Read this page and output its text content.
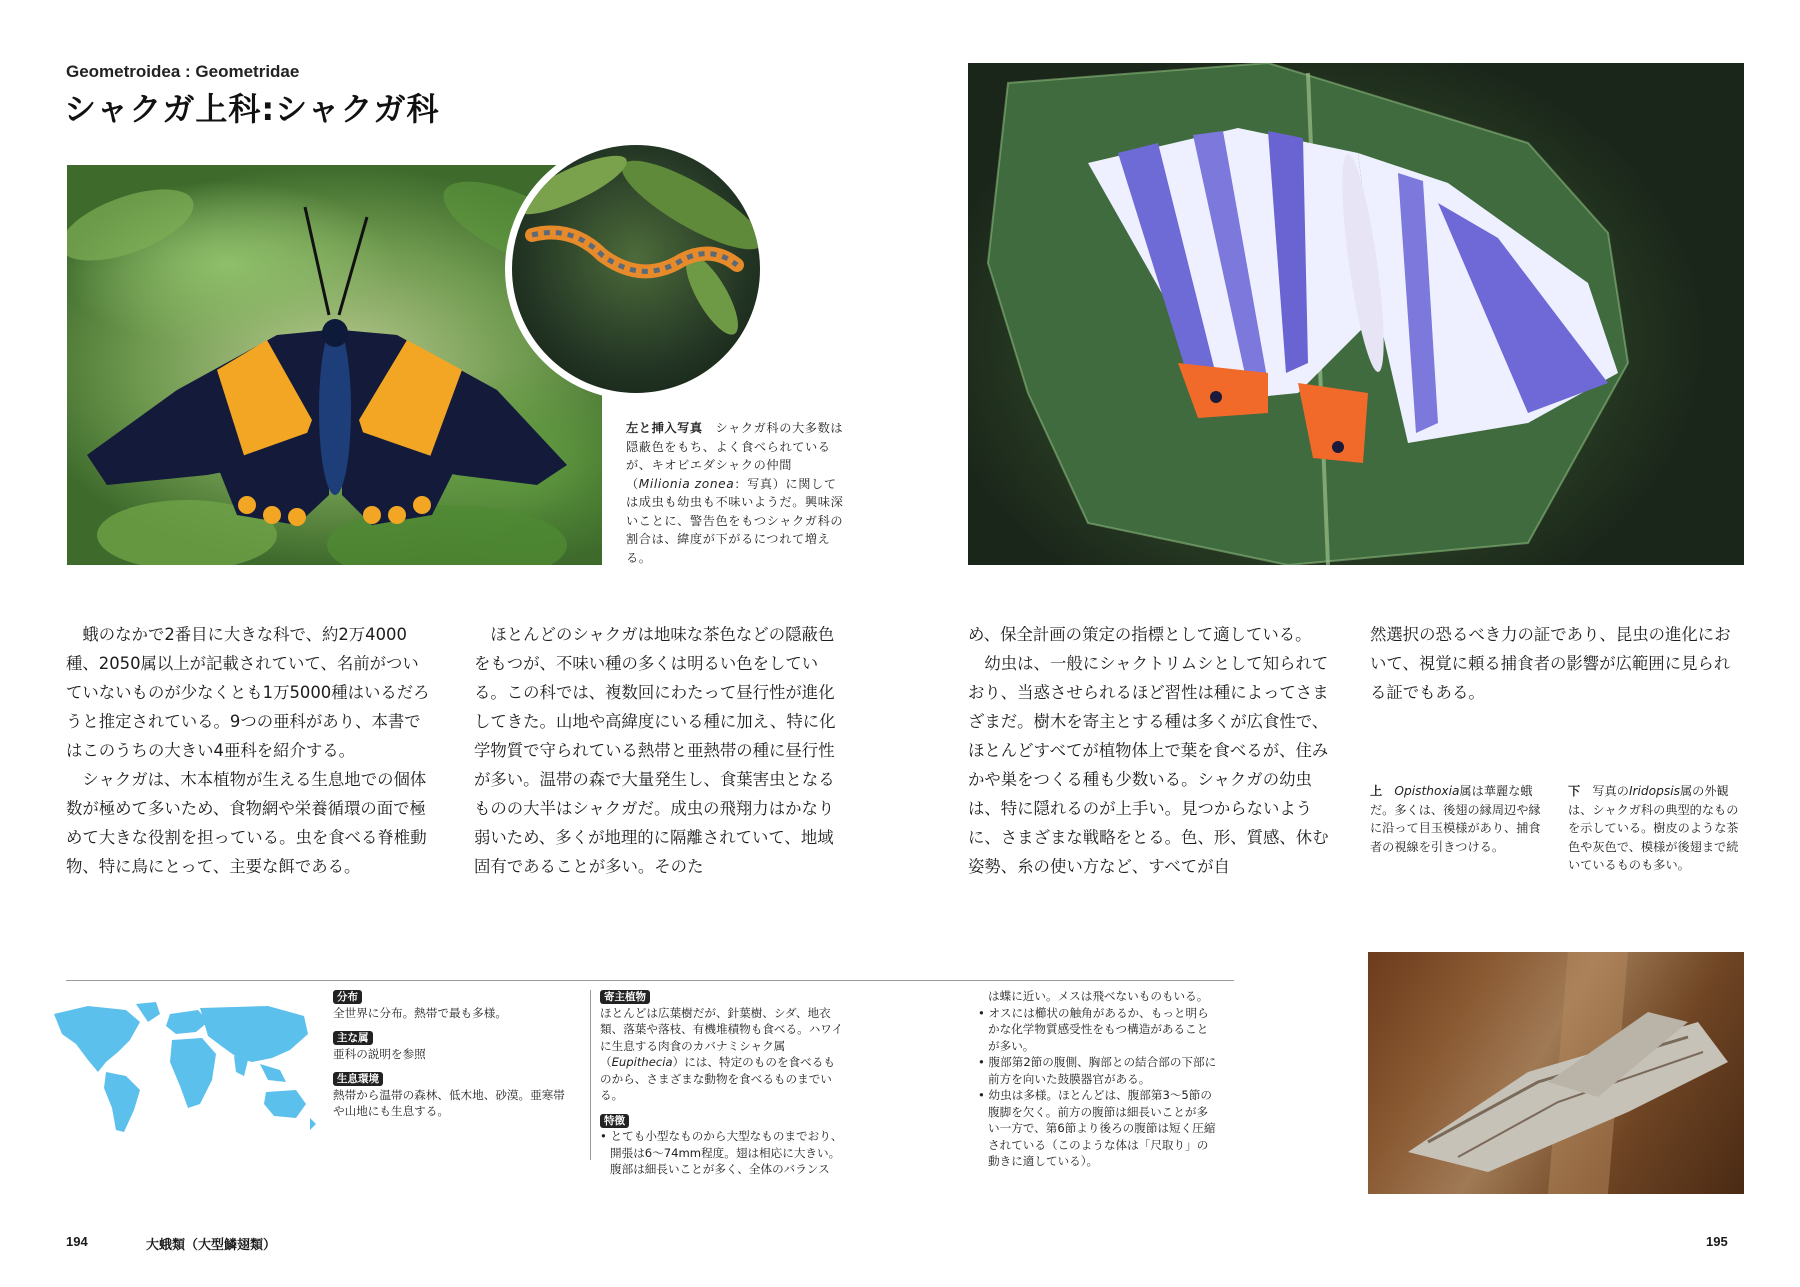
Geometroidea : Geometridae
シャクガ上科:シャクガ科
左と挿入写真　 シャクガ科の大多数は隠蔽色をもち、よく食べられているが、キオビエダシャクの仲間（Milionia zonea：写真）に関しては成虫も幼虫も不味いようだ。興味深いことに、警告色をもつシャクガ科の割合は、緯度が下がるにつれて増える。

蛾のなかで2番目に大きな科で、約2万4000種、2050属以上が記載されていて、名前がついていないものが少なくとも1万5000種はいるだろうと推定されている。9つの亜科があり、本書ではこのうちの大きい4亜科を紹介する。

シャクガは、木本植物が生える生息地での個体数が極めて多いため、食物網や栄養循環の面で極めて大きな役割を担っている。虫を食べる脊椎動物、特に鳥にとって、主要な餌である。

ほとんどのシャクガは地味な茶色などの隠蔽色をもつが、不味い種の多くは明るい色をしている。この科では、複数回にわたって昼行性が進化してきた。山地や高緯度にいる種に加え、特に化学物質で守られている熱帯と亜熱帯の種に昼行性が多い。温帯の森で大量発生し、食葉害虫となるものの大半はシャクガだ。成虫の飛翔力はかなり弱いため、多くが地理的に隔離されていて、地域固有であることが多い。そのた

め、保全計画の策定の指標として適している。

幼虫は、一般にシャクトリムシとして知られており、当惑させられるほど習性は種によってさまざまだ。樹木を寄主とする種は多くが広食性で、ほとんどすべてが植物体上で葉を食べるが、住みかや巣をつくる種も少数いる。シャクガの幼虫は、特に隠れるのが上手い。見つからないように、さまざまな戦略をとる。色、形、質感、休む姿勢、糸の使い方など、すべてが自

然選択の恐るべき力の証であり、昆虫の進化において、視覚に頼る捕食者の影響が広範囲に見られる証でもある。

上　 Opisthoxia属は華麗な蛾だ。多くは、後翅の縁周辺や縁に沿って目玉模様があり、捕食者の視線を引きつける。
下　 写真のIridopsis属の外観は、シャクガ科の典型的なものを示している。樹皮のような茶色や灰色で、模様が後翅まで続いているものも多い。
分布
全世界に分布。熱帯で最も多様。
主な属
亜科の説明を参照
生息環境
熱帯から温帯の森林、低木地、砂漠。亜寒帯や山地にも生息する。
寄主植物
ほとんどは広葉樹だが、針葉樹、シダ、地衣類、落葉や落枝、有機堆積物も食べる。ハワイに生息する肉食のカバナミシャク属（Eupithecia）には、特定のものを食べるものから、さまざまな動物を食べるものまでいる。
特徴
• とても小型なものから大型なものまでおり、開張は6〜74mm程度。翅は相応に大きい。腹部は細長いことが多く、全体のバランス
は蝶に近い。メスは飛べないものもいる。
• オスには櫛状の触角があるか、もっと明らかな化学物質感受性をもつ構造があることが多い。
• 腹部第2節の腹側、胸部との結合部の下部に前方を向いた鼓膜器官がある。
• 幼虫は多様。ほとんどは、腹部第3〜5節の腹脚を欠く。前方の腹節は細長いことが多い一方で、第6節より後ろの腹節は短く圧縮されている（このような体は「尺取り」の動きに適している）。
194	大蛾類（大型鱗翅類）	195
